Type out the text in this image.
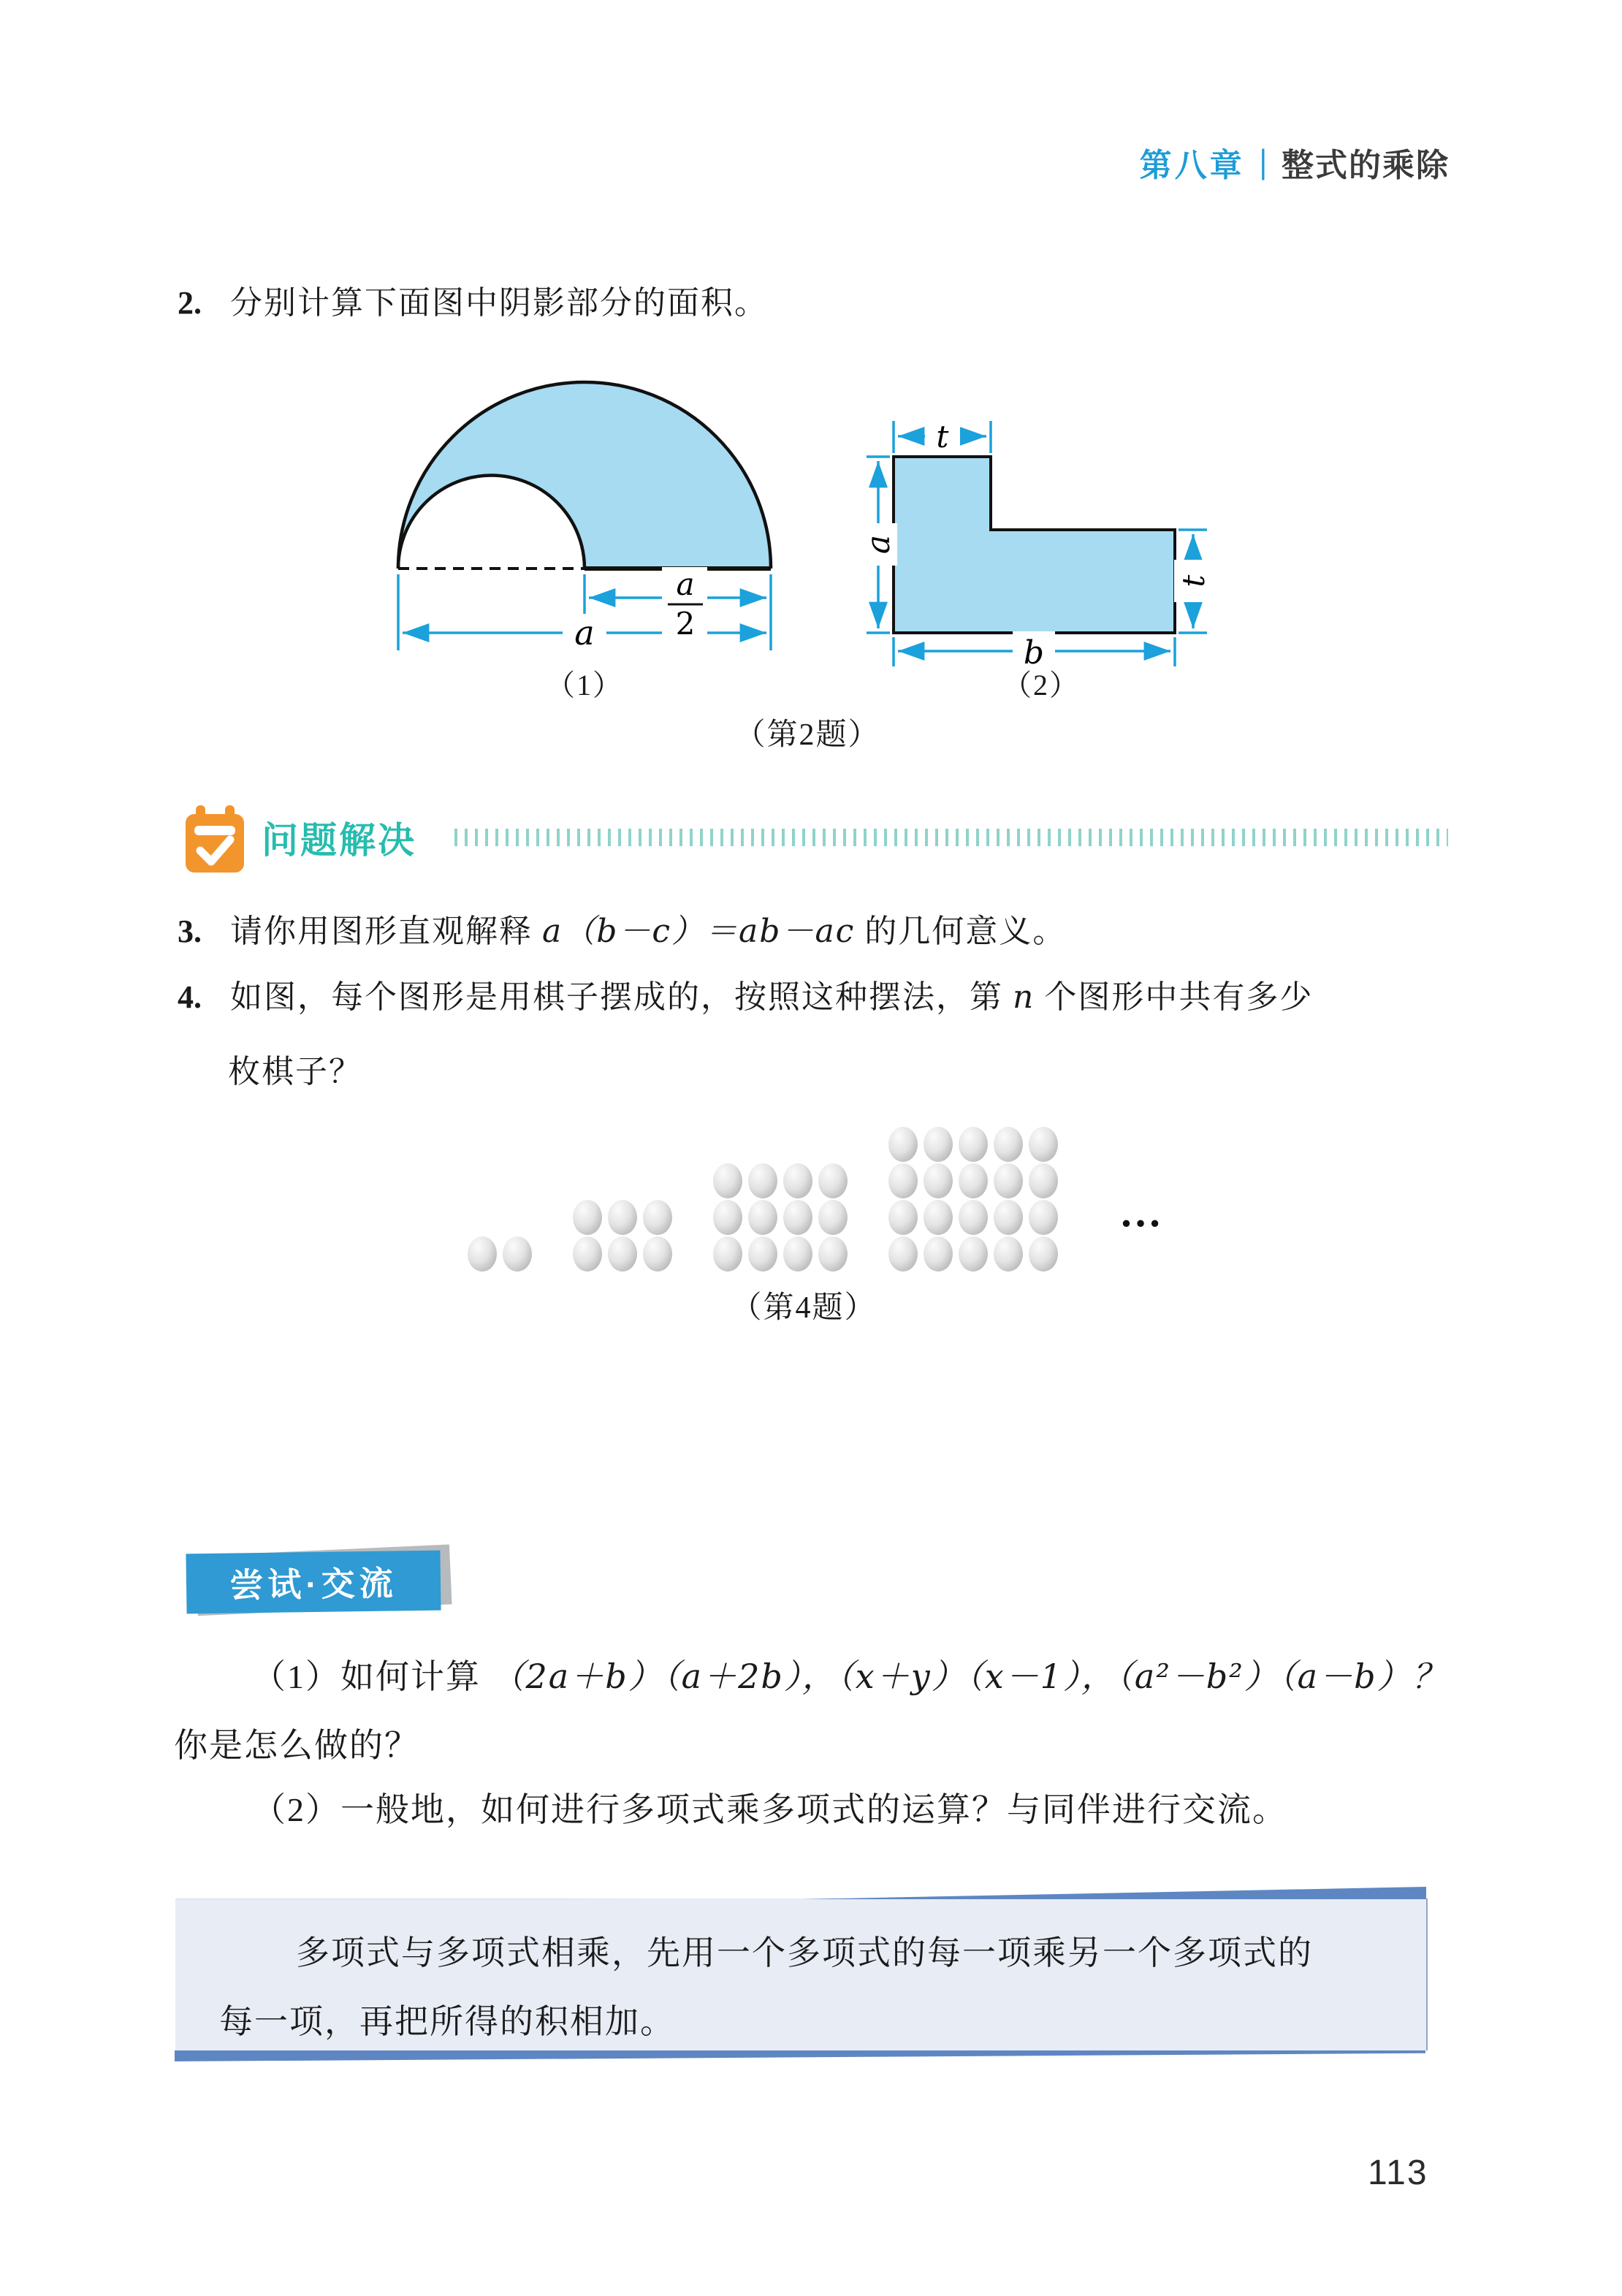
第八章 | 整式的乘除
2. 分别计算下面图中阴影部分的面积。
a
2
a
t
a
t
b
（1）	（2）
（第2题）
问题解决
3. 请你用图形直观解释 a（b－c）＝ab－ac 的几何意义。
4. 如图，每个图形是用棋子摆成的，按照这种摆法，第 n 个图形中共有多少
枚棋子？
…
（第4题）
尝试·交流
（1）如何计算 （2a＋b）（a＋2b），（x＋y）（x－1），（a²－b²）（a－b）？
你是怎么做的？
（2）一般地，如何进行多项式乘多项式的运算？与同伴进行交流。
多项式与多项式相乘，先用一个多项式的每一项乘另一个多项式的
每一项，再把所得的积相加。
113
